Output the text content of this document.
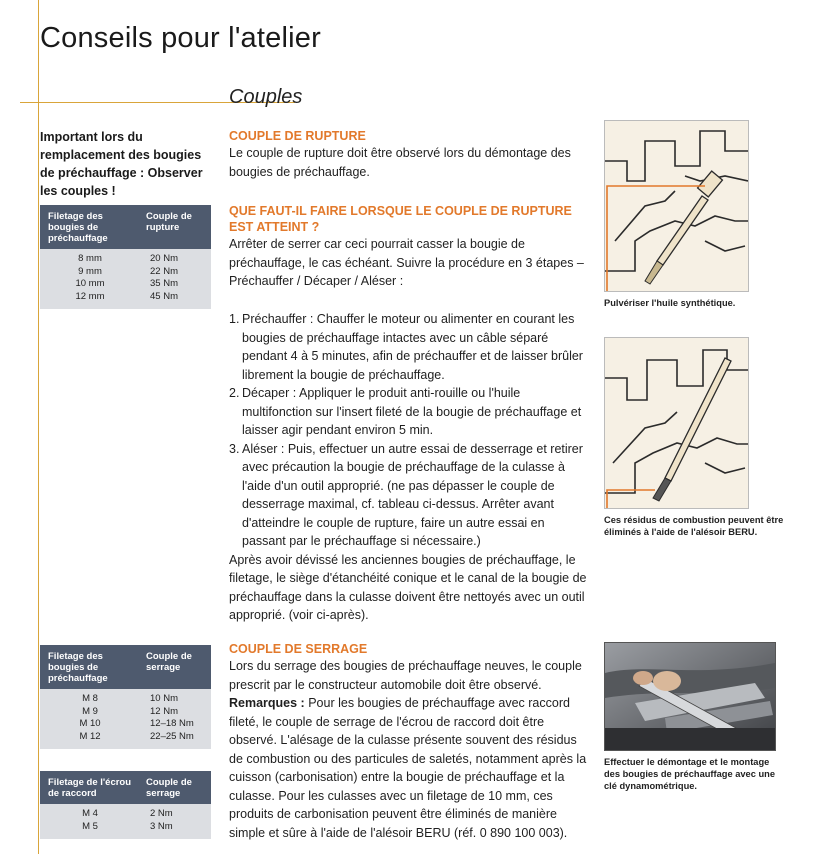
Conseils pour l'atelier
Couples
Important lors du remplacement des bougies de préchauffage : Observer les couples !
Filetage des bougies de préchauffage
Couple de rupture
8 mm	20 Nm
9 mm	22 Nm
10 mm	35 Nm
12 mm	45 Nm
Filetage des bougies de préchauffage
Couple de serrage
M 8	10 Nm
M 9	12 Nm
M 10	12–18 Nm
M 12	22–25 Nm
Filetage de l'écrou de raccord
Couple de serrage
M 4	2 Nm
M 5	3 Nm
COUPLE DE RUPTURE

Le couple de rupture doit être observé lors du démontage des bougies de préchauffage.

QUE FAUT-IL FAIRE LORSQUE LE COUPLE DE RUPTURE EST ATTEINT ?

Arrêter de serrer car ceci pourrait casser la bougie de préchauffage, le cas échéant. Suivre la procédure en 3 étapes – Préchauffer / Décaper / Aléser :

1. Préchauffer : Chauffer le moteur ou alimenter en courant les bougies de préchauffage intactes avec un câble séparé pendant 4 à 5 minutes, afin de préchauffer et de laisser brûler librement la bougie de préchauffage.
2. Décaper : Appliquer le produit anti-rouille ou l'huile multifonction sur l'insert fileté de la bougie de préchauffage et laisser agir pendant environ 5 min.
3. Aléser : Puis, effectuer un autre essai de desserrage et retirer avec précaution la bougie de préchauffage de la culasse à l'aide d'un outil approprié. (ne pas dépasser le couple de desserrage maximal, cf. tableau ci-dessus. Arrêter avant d'atteindre le couple de rupture, faire un autre essai en passant par le préchauffage si nécessaire.)

Après avoir dévissé les anciennes bougies de préchauffage, le filetage, le siège d'étanchéité conique et le canal de la bougie de préchauffage dans la culasse doivent être nettoyés avec un outil approprié. (voir ci-après).

COUPLE DE SERRAGE

Lors du serrage des bougies de préchauffage neuves, le couple prescrit par le constructeur automobile doit être observé.

Remarques : Pour les bougies de préchauffage avec raccord fileté, le couple de serrage de l'écrou de raccord doit être observé. L'alésage de la culasse présente souvent des résidus de combustion ou des particules de saletés, notamment après la cuisson (carbonisation) entre la bougie de préchauffage et la culasse. Pour les culasses avec un filetage de 10 mm, ces produits de carbonisation peuvent être éliminés de manière simple et sûre à l'aide de l'alésoir BERU (réf. 0 890 100 003).

Pulvériser l'huile synthétique.
Ces résidus de combustion peuvent être éliminés à l'aide de l'alésoir BERU.
Effectuer le démontage et le montage des bougies de préchauffage avec une clé dynamométrique.
